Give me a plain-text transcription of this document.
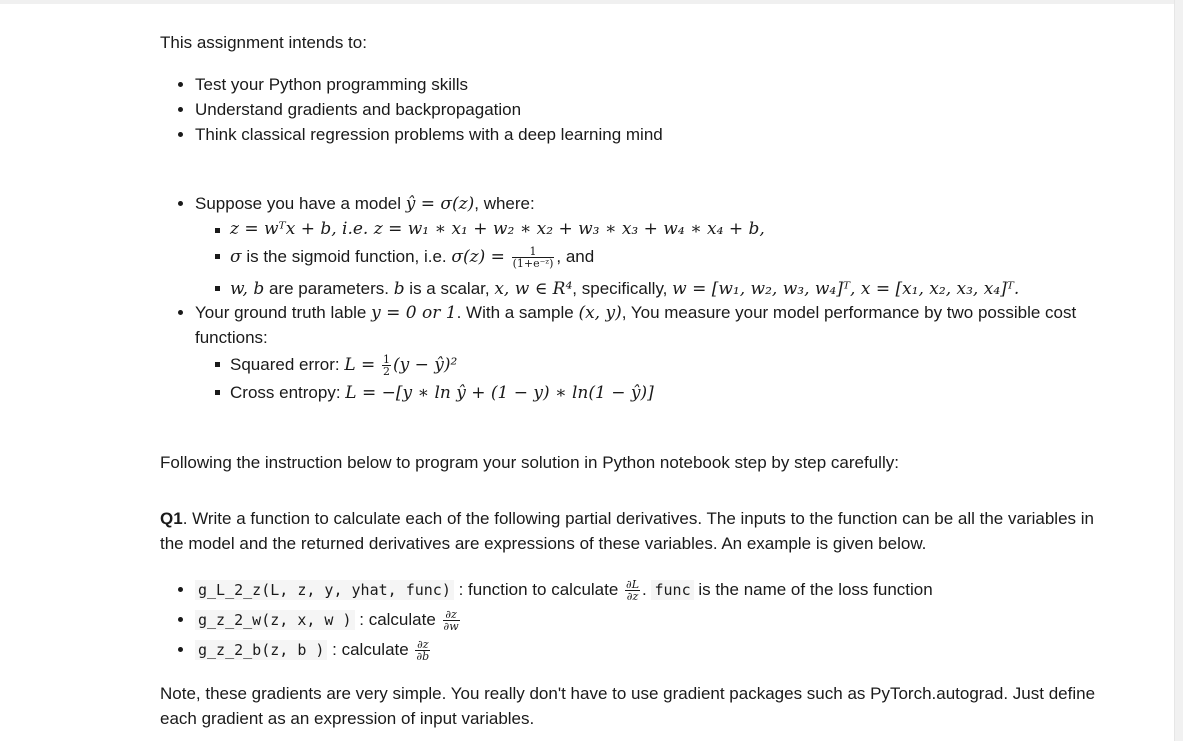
This assignment intends to:
Test your Python programming skills
Understand gradients and backpropagation
Think classical regression problems with a deep learning mind
Suppose you have a model ŷ = σ(z), where:
z = wᵀx + b, i.e. z = w₁ ∗ x₁ + w₂ ∗ x₂ + w₃ ∗ x₃ + w₄ ∗ x₄ + b,
σ is the sigmoid function, i.e. $\sigma(z) = \frac{1}{\text{(1+e⁻ᶻ)}}$ , and
w, b are parameters. b is a scalar, x, w ∈ R⁴, specifically, w = [w₁, w₂, w₃, w₄]ᵀ, x = [x₁, x₂, x₃, x₄]ᵀ.
Your ground truth lable y = 0 or 1. With a sample (x, y), You measure your model performance by two possible cost
functions:
Squared error: $L = \frac{1}{2} (y$ − ŷ)²
Cross entropy: L = −[y ∗ ln ŷ + (1 − y) ∗ ln(1 − ŷ)]
Following the instruction below to program your solution in Python notebook step by step carefully:
Q1. Write a function to calculate each of the following partial derivatives. The inputs to the function can be all the variables in
the model and the returned derivatives are expressions of these variables. An example is given below.
g_L_2_z(L, z, y, yhat, func) : function to calculate $\frac{\partial L}{\partial z}$ . func is the name of the loss function
g_z_2_w(z, x, w ) : calculate $\frac{\partial z}{\partial w}$
g_z_2_b(z, b ) : calculate $\frac{\partial z}{\partial b}$
Note, these gradients are very simple. You really don't have to use gradient packages such as PyTorch.autograd. Just define
each gradient as an expression of input variables.
